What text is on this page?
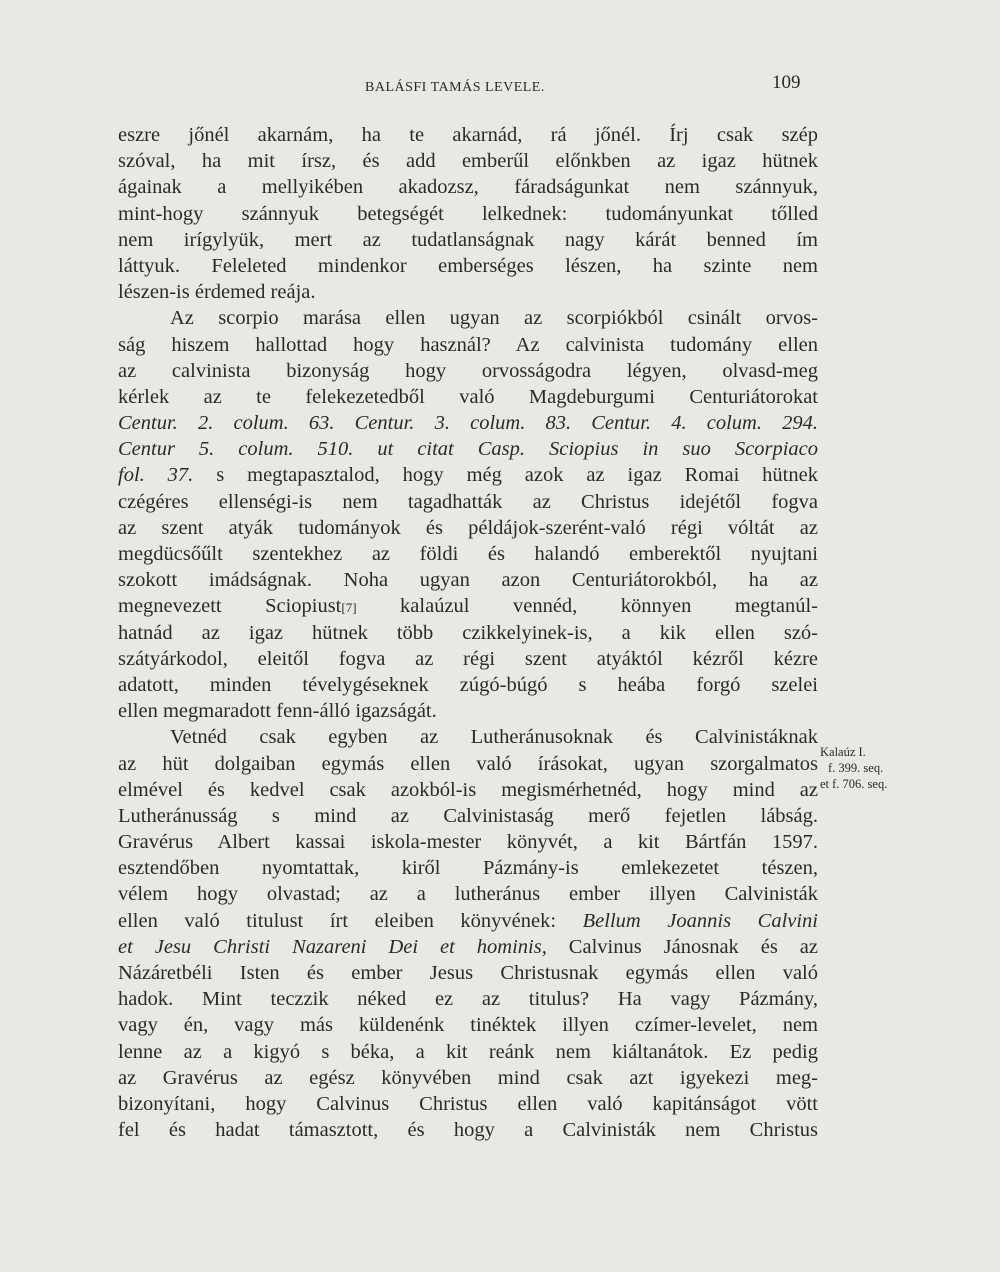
BALÁSFI TAMÁS LEVELE.	109
eszre jőnél akarnám, ha te akarnád, rá jőnél. Írj csak szép
szóval, ha mit írsz, és add emberűl előnkben az igaz hütnek
ágainak a mellyikében akadozsz, fáradságunkat nem szánnyuk,
mint-hogy szánnyuk betegségét lelkednek: tudományunkat tőlled
nem irígylyük, mert az tudatlanságnak nagy kárát benned ím
láttyuk. Feleleted mindenkor emberséges lészen, ha szinte nem
lészen-is érdemed reája.
Az scorpio marása ellen ugyan az scorpiókból csinált orvos-
ság hiszem hallottad hogy használ? Az calvinista tudomány ellen
az calvinista bizonyság hogy orvosságodra légyen, olvasd-meg
kérlek az te felekezetedből való Magdeburgumi Centuriátorokat
Centur. 2. colum. 63. Centur. 3. colum. 83. Centur. 4. colum. 294.
Centur 5. colum. 510. ut citat Casp. Sciopius in suo Scorpiaco
fol. 37. s megtapasztalod, hogy még azok az igaz Romai hütnek
czégéres ellenségi-is nem tagadhatták az Christus idejétől fogva
az szent atyák tudományok és példájok-szerént-való régi vóltát az
megdücsőűlt szentekhez az földi és halandó emberektől nyujtani
szokott imádságnak. Noha ugyan azon Centuriátorokból, ha az
megnevezett Sciopiust[7] kalaúzul vennéd, könnyen megtanúl-
hatnád az igaz hütnek több czikkelyinek-is, a kik ellen szó-
szátyárkodol, eleitől fogva az régi szent atyáktól kézről kézre
adatott, minden tévelygéseknek zúgó-búgó s heába forgó szelei
ellen megmaradott fenn-álló igazságát.
Vetnéd csak egyben az Lutheránusoknak és Calvinistáknak
az hüt dolgaiban egymás ellen való írásokat, ugyan szorgalmatos
elmével és kedvel csak azokból-is megismérhetnéd, hogy mind az
Lutheránusság s mind az Calvinistaság merő fejetlen lábság.
Gravérus Albert kassai iskola-mester könyvét, a kit Bártfán 1597.
esztendőben nyomtattak, kiről Pázmány-is emlekezetet tészen,
vélem hogy olvastad; az a lutheránus ember illyen Calvinisták
ellen való titulust írt eleiben könyvének: Bellum Joannis Calvini
et Jesu Christi Nazareni Dei et hominis, Calvinus Jánosnak és az
Názáretbéli Isten és ember Jesus Christusnak egymás ellen való
hadok. Mint teczzik néked ez az titulus? Ha vagy Pázmány,
vagy én, vagy más küldenénk tinéktek illyen czímer-levelet, nem
lenne az a kigyó s béka, a kit reánk nem kiáltanátok. Ez pedig
az Gravérus az egész könyvében mind csak azt igyekezi meg-
bizonyítani, hogy Calvinus Christus ellen való kapitánságot vött
fel és hadat támasztott, és hogy a Calvinisták nem Christus
Kalaúz I.
f. 399. seq.
et f. 706. seq.
